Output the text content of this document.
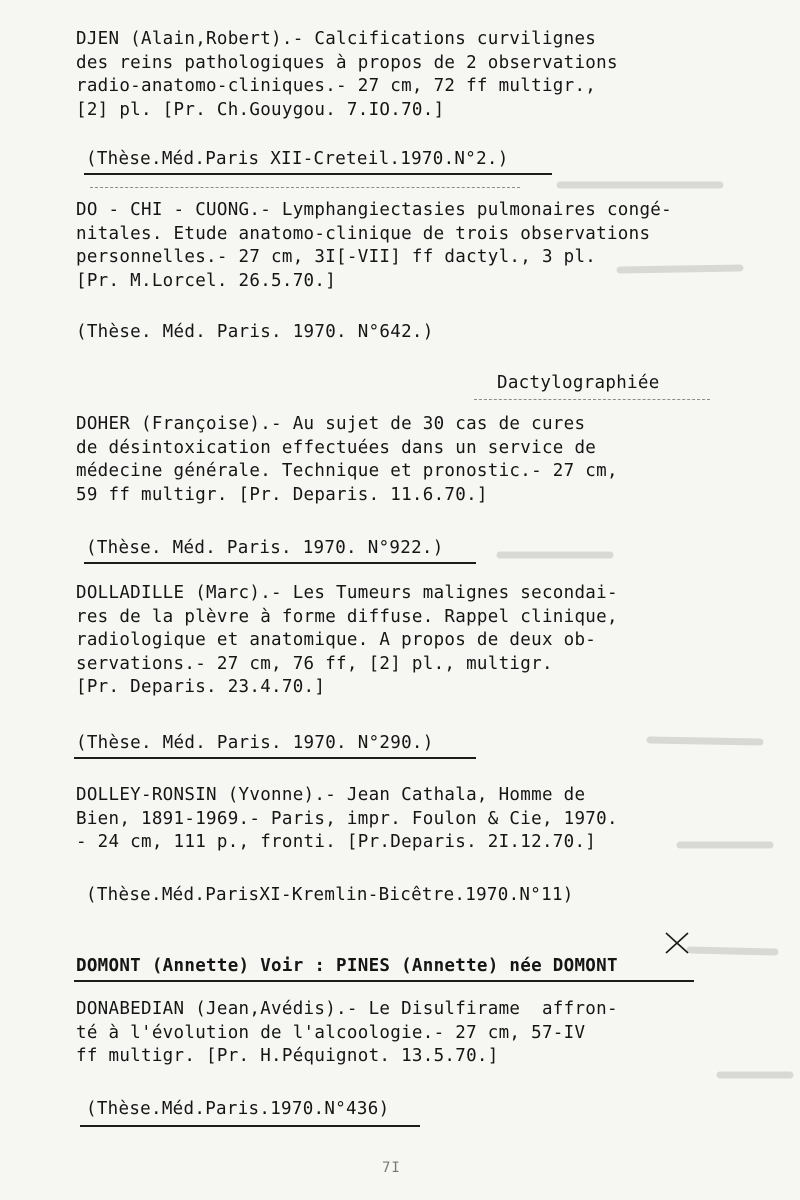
DJEN (Alain,Robert).- Calcifications curvilignes
des reins pathologiques à propos de 2 observations
radio-anatomo-cliniques.- 27 cm, 72 ff multigr.,
[2] pl. [Pr. Ch.Gouygou. 7.IO.70.]
(Thèse.Méd.Paris XII-Creteil.1970.N°2.)
DO - CHI - CUONG.- Lymphangiectasies pulmonaires congé-
nitales. Etude anatomo-clinique de trois observations
personnelles.- 27 cm, 3I[-VII] ff dactyl., 3 pl.
[Pr. M.Lorcel. 26.5.70.]
(Thèse. Méd. Paris. 1970. N°642.)
Dactylographiée
DOHER (Françoise).- Au sujet de 30 cas de cures
de désintoxication effectuées dans un service de
médecine générale. Technique et pronostic.- 27 cm,
59 ff multigr. [Pr. Deparis. 11.6.70.]
(Thèse. Méd. Paris. 1970. N°922.)
DOLLADILLE (Marc).- Les Tumeurs malignes secondai-
res de la plèvre à forme diffuse. Rappel clinique,
radiologique et anatomique. A propos de deux ob-
servations.- 27 cm, 76 ff, [2] pl., multigr.
[Pr. Deparis. 23.4.70.]
(Thèse. Méd. Paris. 1970. N°290.)
DOLLEY-RONSIN (Yvonne).- Jean Cathala, Homme de
Bien, 1891-1969.- Paris, impr. Foulon & Cie, 1970.
- 24 cm, 111 p., fronti. [Pr.Deparis. 2I.12.70.]
(Thèse.Méd.ParisXI-Kremlin-Bicêtre.1970.N°11)
DOMONT (Annette) Voir : PINES (Annette) née DOMONT
DONABEDIAN (Jean,Avédis).- Le Disulfirame  affron-
té à l'évolution de l'alcoologie.- 27 cm, 57-IV
ff multigr. [Pr. H.Péquignot. 13.5.70.]
(Thèse.Méd.Paris.1970.N°436)
7I
